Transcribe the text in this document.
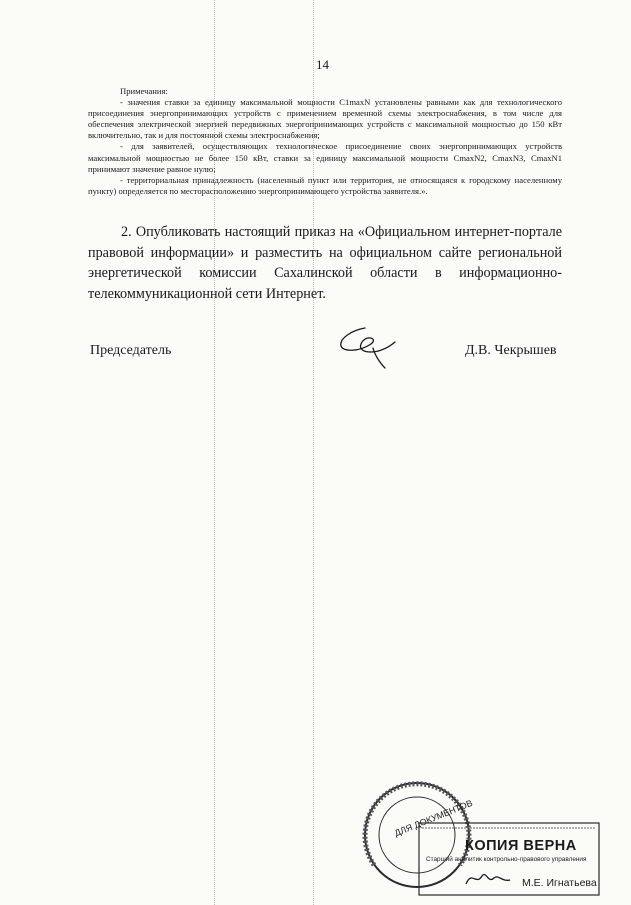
14

Примечания:

- значения ставки за единицу максимальной мощности C1maxN установлены равными как для технологического присоединения энергопринимающих устройств с применением временной схемы электроснабжения, в том числе для обеспечения электрической энергией передвижных энергопринимающих устройств с максимальной мощностью до 150 кВт включительно, так и для постоянной схемы электроснабжения;

- для заявителей, осуществляющих технологическое присоединение своих энергопринимающих устройств максимальной мощностью не более 150 кВт, ставки за единицу максимальной мощности CmaxN2, CmaxN3, CmaxN1 принимают значение равное нулю;

- территориальная принадлежность (населенный пункт или территория, не относящаяся к городскому населенному пункту) определяется по месторасположению энергопринимающего устройства заявителя.».

2. Опубликовать настоящий приказ на «Официальном интернет-портале правовой информации» и разместить на официальном сайте региональной энергетической комиссии Сахалинской области в информационно-телекоммуникационной сети Интернет.

Председатель	Д.В. Чекрышев
ДЛЯ ДОКУМЕНТОВ
КОПИЯ ВЕРНА
Старший аналитик контрольно-правового управления
М.Е. Игнатьева
